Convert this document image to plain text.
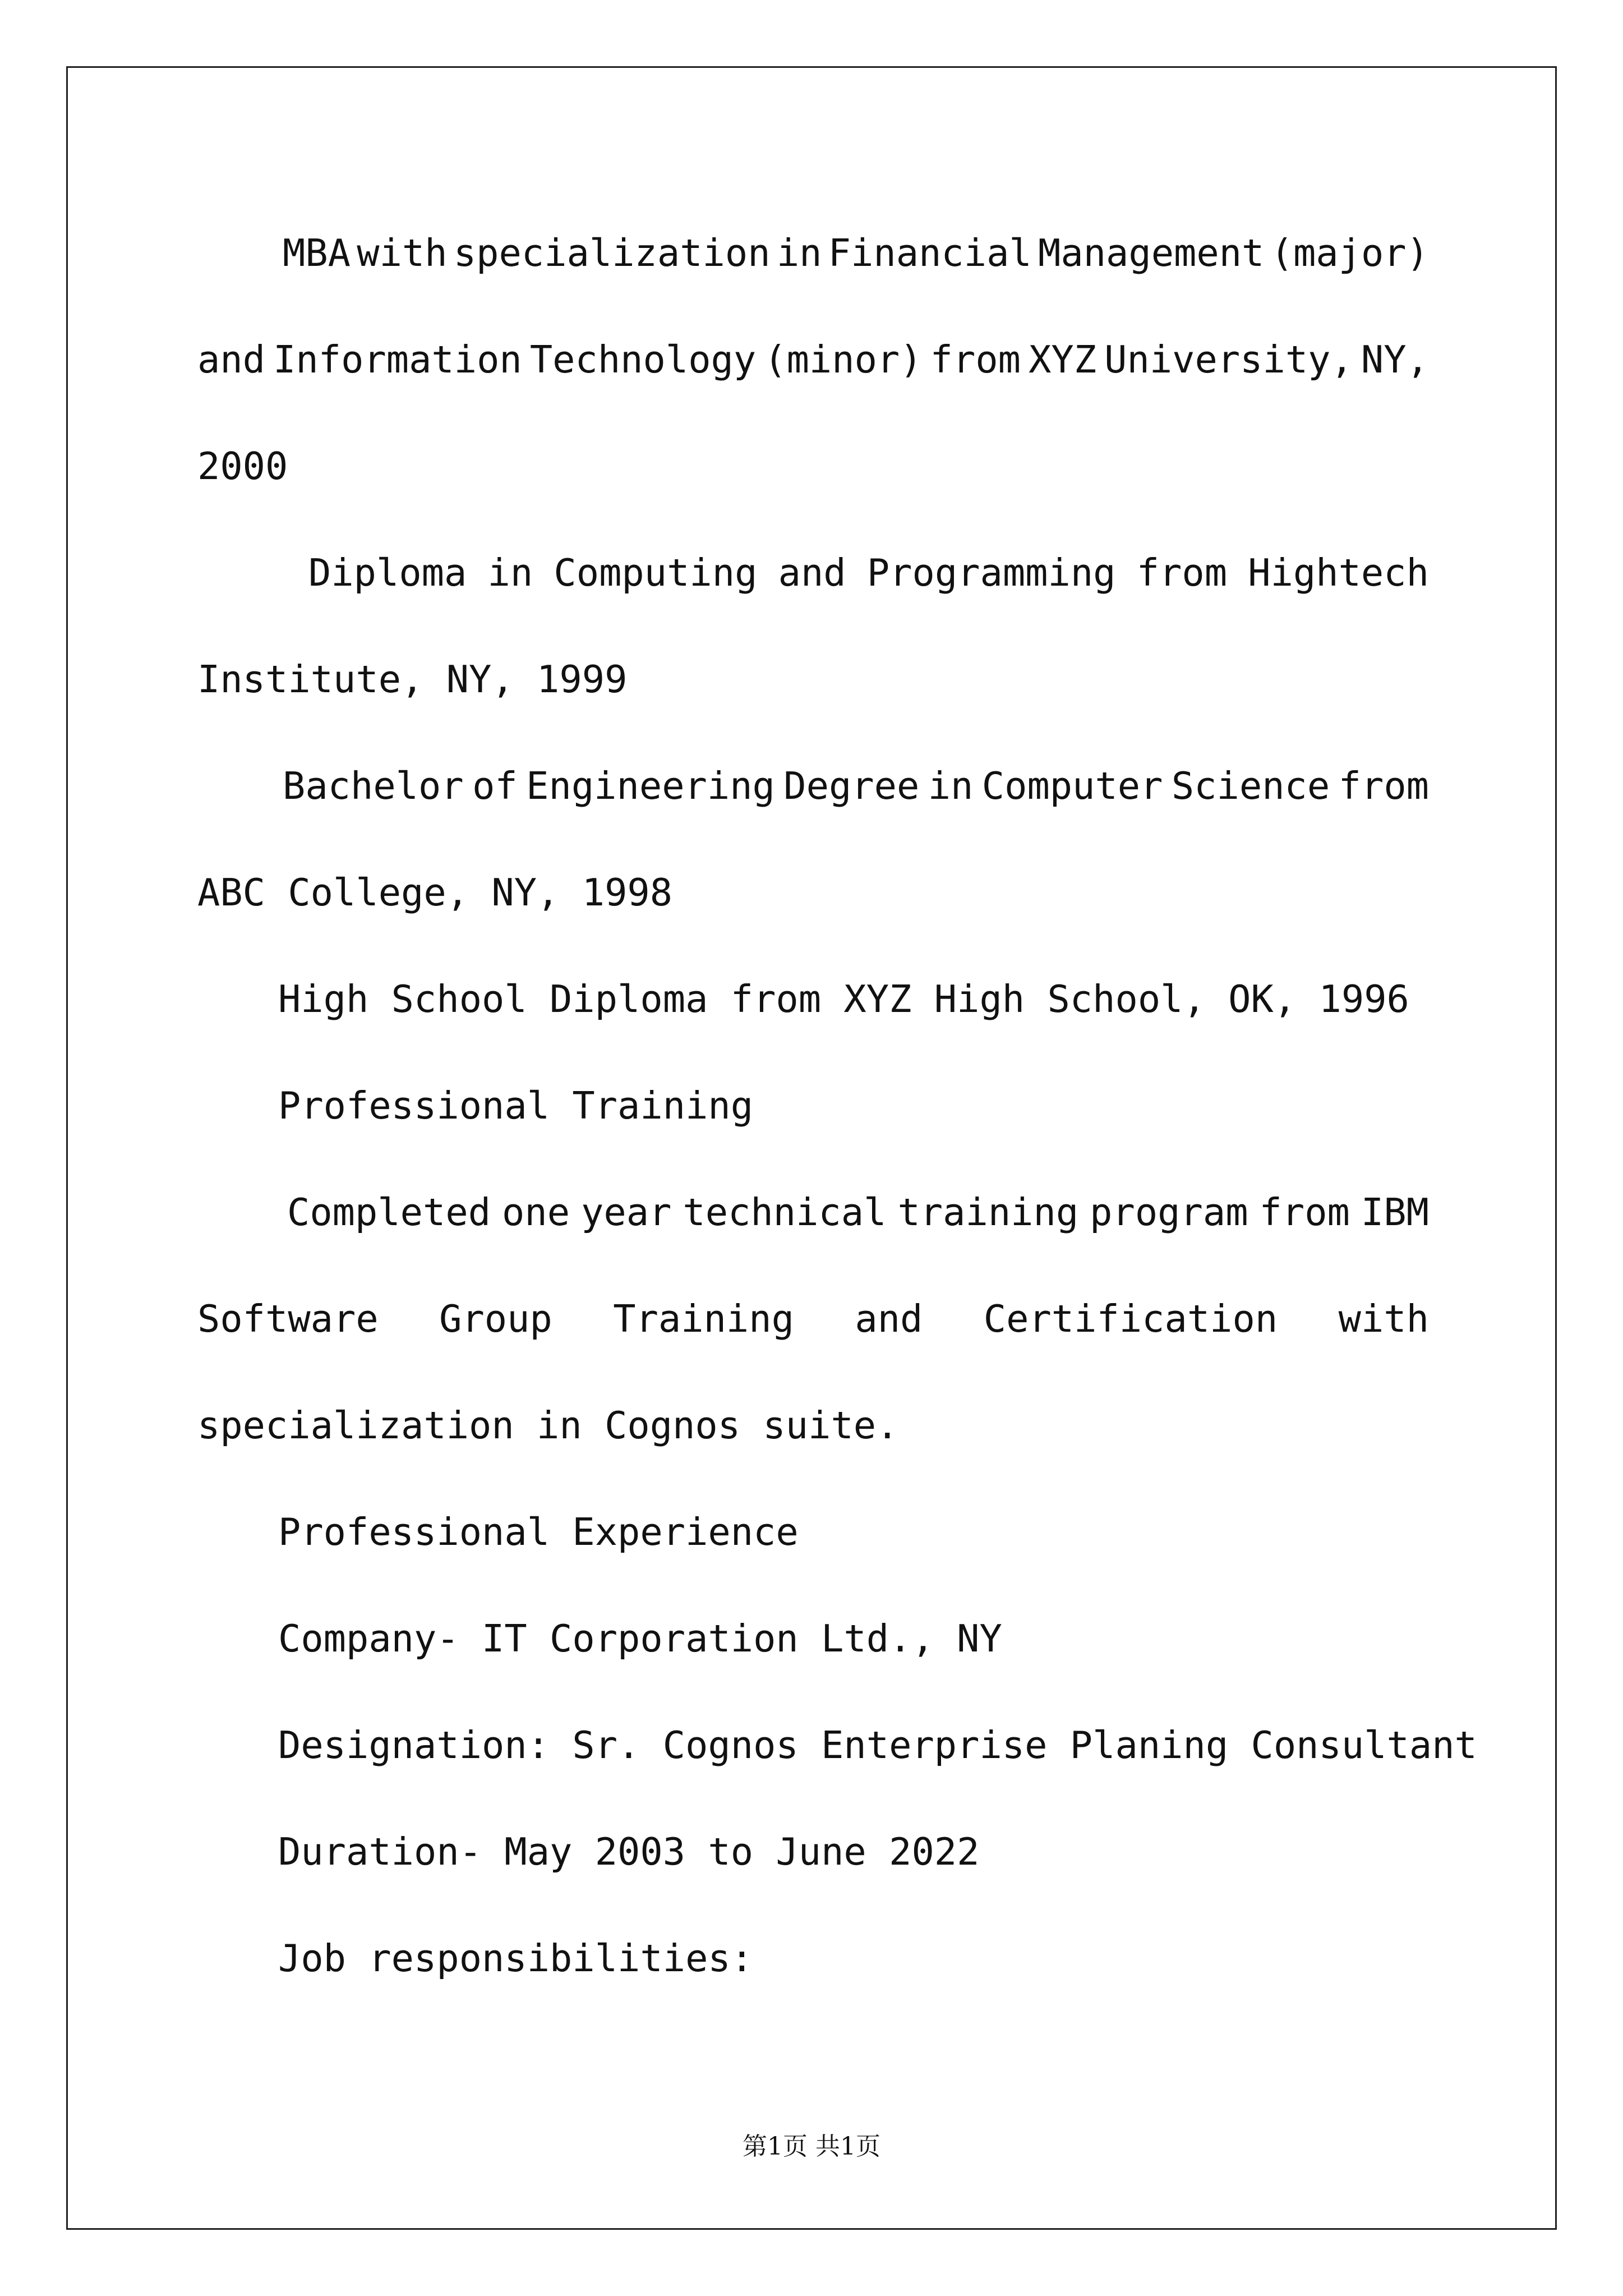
MBA with specialization in Financial Management (major)
and Information Technology (minor) from XYZ University, NY,
2000
Diploma in Computing and Programming from Hightech
Institute, NY, 1999
Bachelor of Engineering Degree in Computer Science from
ABC College, NY, 1998
High School Diploma from XYZ High School, OK, 1996
Professional Training
Completed one year technical training program from IBM
Software Group Training and Certification with
specialization in Cognos suite.
Professional Experience
Company- IT Corporation Ltd., NY
Designation: Sr. Cognos Enterprise Planing Consultant
Duration- May 2003 to June 2022
Job responsibilities:
第1页 共1页
